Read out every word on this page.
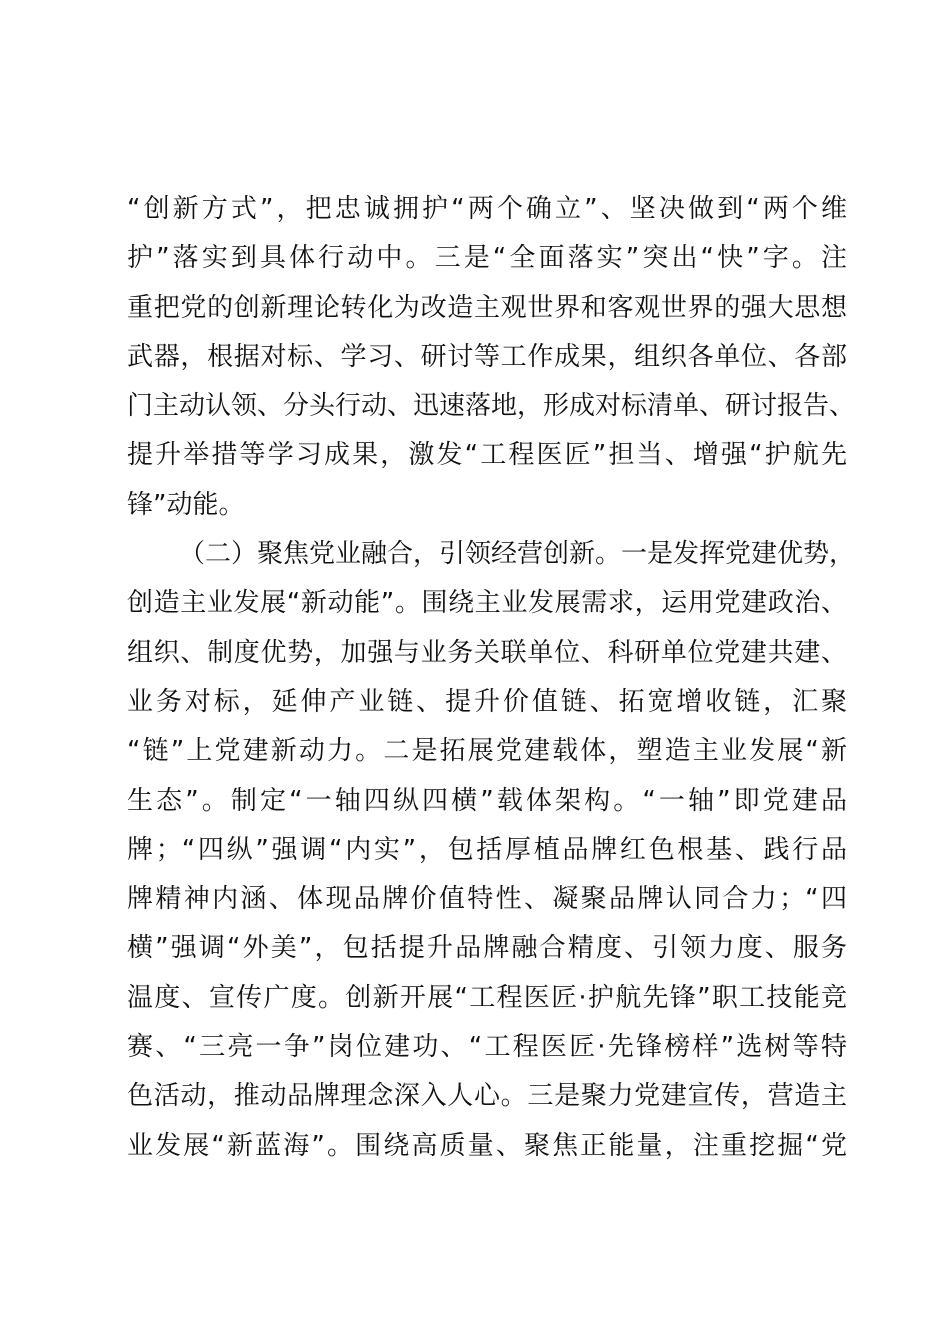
“创新方式”，把忠诚拥护“两个确立”、坚决做到“两个维
护”落实到具体行动中。三是“全面落实”突出“快”字。注
重把党的创新理论转化为改造主观世界和客观世界的强大思想
武器，根据对标、学习、研讨等工作成果，组织各单位、各部
门主动认领、分头行动、迅速落地，形成对标清单、研讨报告、
提升举措等学习成果，激发“工程医匠”担当、增强“护航先
锋”动能。
（二）聚焦党业融合，引领经营创新。一是发挥党建优势，
创造主业发展“新动能”。围绕主业发展需求，运用党建政治、
组织、制度优势，加强与业务关联单位、科研单位党建共建、
业务对标，延伸产业链、提升价值链、拓宽增收链，汇聚
“链”上党建新动力。二是拓展党建载体，塑造主业发展“新
生态”。制定“一轴四纵四横”载体架构。“一轴”即党建品
牌；“四纵”强调“内实”，包括厚植品牌红色根基、践行品
牌精神内涵、体现品牌价值特性、凝聚品牌认同合力；“四
横”强调“外美”，包括提升品牌融合精度、引领力度、服务
温度、宣传广度。创新开展“工程医匠·护航先锋”职工技能竞
赛、“三亮一争”岗位建功、“工程医匠·先锋榜样”选树等特
色活动，推动品牌理念深入人心。三是聚力党建宣传，营造主
业发展“新蓝海”。围绕高质量、聚焦正能量，注重挖掘“党
